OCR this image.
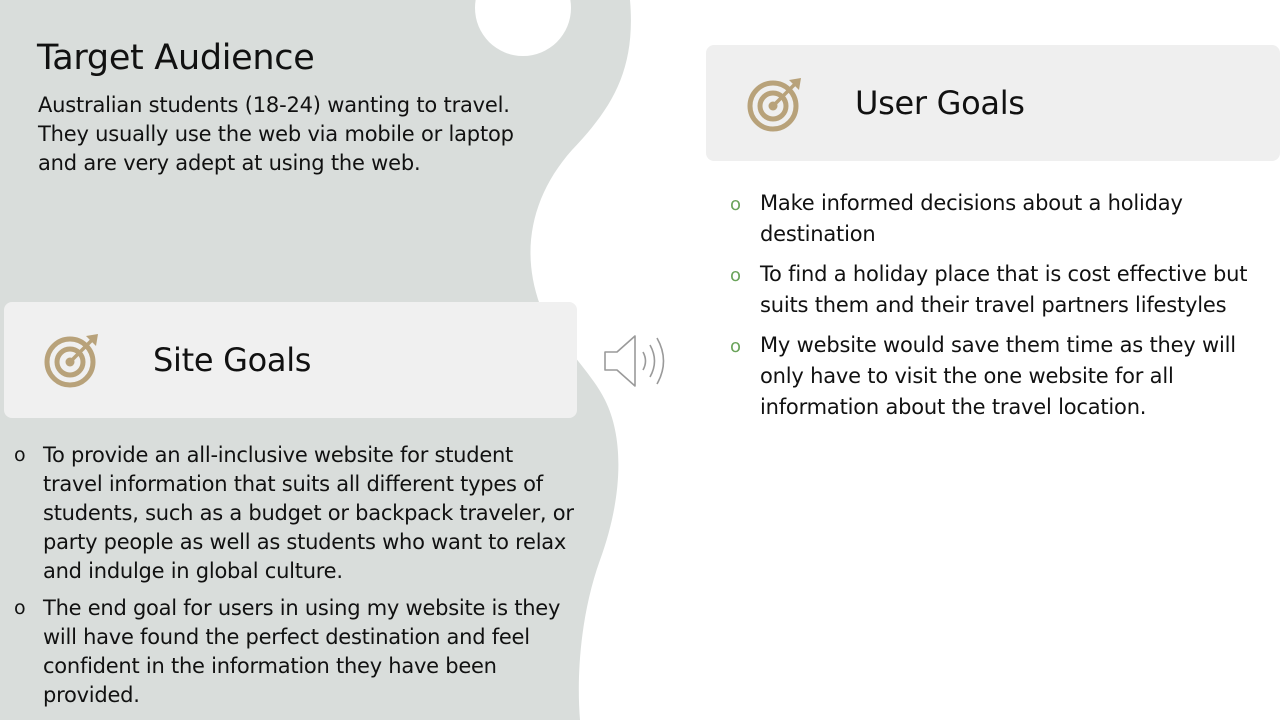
Target Audience

Australian students (18-24) wanting to travel. They usually use the web via mobile or laptop and are very adept at using the web.

Site Goals
o To provide an all-inclusive website for student travel information that suits all different types of students, such as a budget or backpack traveler, or party people as well as students who want to relax and indulge in global culture.
o The end goal for users in using my website is they will have found the perfect destination and feel confident in the information they have been provided.
User Goals
o Make informed decisions about a holiday destination
o To find a holiday place that is cost effective but suits them and their travel partners lifestyles
o My website would save them time as they will only have to visit the one website for all information about the travel location.
